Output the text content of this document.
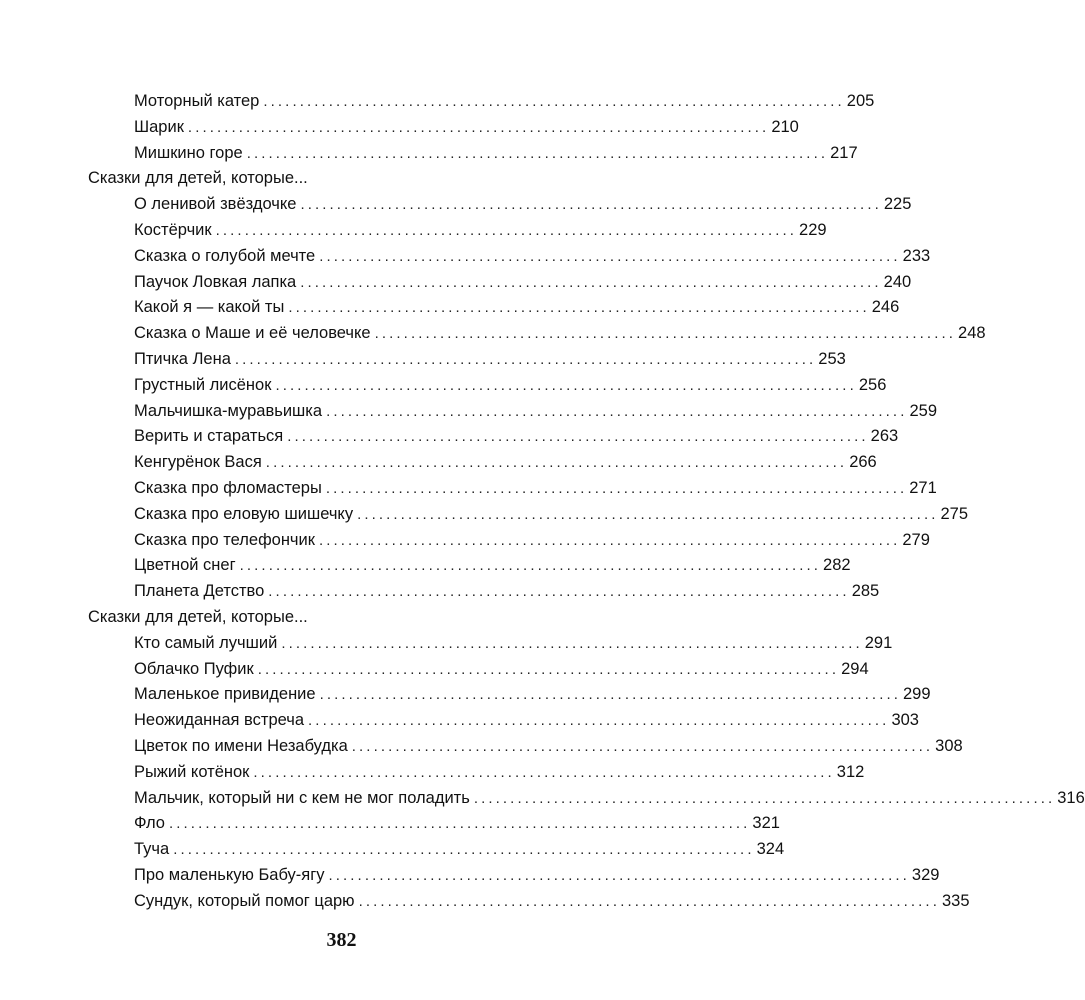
Моторный катер ................................................................................ 205
Шарик ................................................................................ 210
Мишкино горе ................................................................................ 217
Сказки для детей, которые...
О ленивой звёздочке ................................................................................ 225
Костёрчик ................................................................................ 229
Сказка о голубой мечте ................................................................................ 233
Паучок Ловкая лапка ................................................................................ 240
Какой я — какой ты ................................................................................ 246
Сказка о Маше и её человечке ................................................................................ 248
Птичка Лена ................................................................................ 253
Грустный лисёнок ................................................................................ 256
Мальчишка-муравьишка ................................................................................ 259
Верить и стараться ................................................................................ 263
Кенгурёнок Вася ................................................................................ 266
Сказка про фломастеры ................................................................................ 271
Сказка про еловую шишечку ................................................................................ 275
Сказка про телефончик ................................................................................ 279
Цветной снег ................................................................................ 282
Планета Детство ................................................................................ 285
Сказки для детей, которые...
Кто самый лучший ................................................................................ 291
Облачко Пуфик ................................................................................ 294
Маленькое привидение ................................................................................ 299
Неожиданная встреча ................................................................................ 303
Цветок по имени Незабудка ................................................................................ 308
Рыжий котёнок ................................................................................ 312
Мальчик, который ни с кем не мог поладить ................................................................................ 316
Фло ................................................................................ 321
Туча ................................................................................ 324
Про маленькую Бабу-ягу ................................................................................ 329
Сундук, который помог царю ................................................................................ 335
382
